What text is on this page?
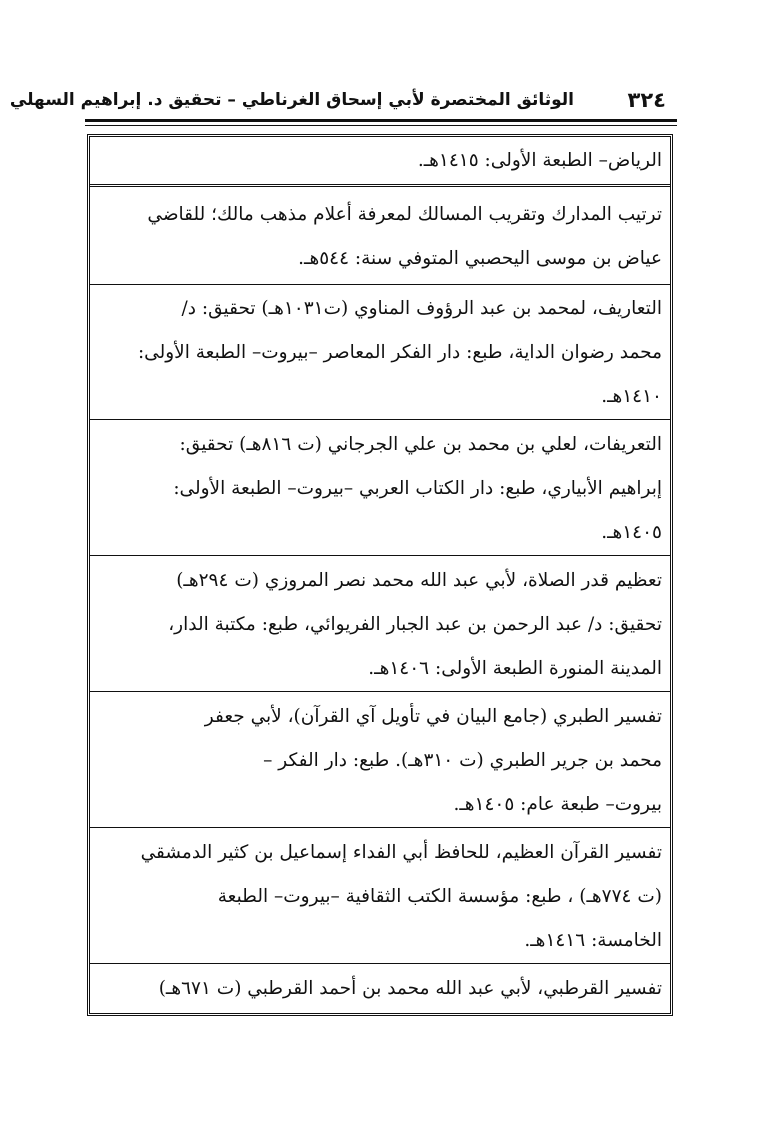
٣٢٤
الوثائق المختصرة لأبي إسحاق الغرناطي – تحقيق د. إبراهيم السهلي
الرياض– الطبعة الأولى: ١٤١٥هـ.
ترتيب المدارك وتقريب المسالك لمعرفة أعلام مذهب مالك؛ للقاضي
عياض بن موسى اليحصبي المتوفي سنة: ٥٤٤هـ.
التعاريف، لمحمد بن عبد الرؤوف المناوي (ت١٠٣١هـ) تحقيق: د/
محمد رضوان الداية، طبع: دار الفكر المعاصر –بيروت– الطبعة الأولى:
١٤١٠هـ.
التعريفات، لعلي بن محمد بن علي الجرجاني (ت ٨١٦هـ) تحقيق:
إبراهيم الأبياري، طبع: دار الكتاب العربي –بيروت– الطبعة الأولى:
١٤٠٥هـ.
تعظيم قدر الصلاة، لأبي عبد الله محمد نصر المروزي (ت ٢٩٤هـ)
تحقيق: د/ عبد الرحمن بن عبد الجبار الفريوائي، طبع: مكتبة الدار،
المدينة المنورة الطبعة الأولى: ١٤٠٦هـ.
تفسير الطبري (جامع البيان في تأويل آي القرآن)، لأبي جعفر
محمد بن جرير الطبري (ت ٣١٠هـ). طبع: دار الفكر –
بيروت– طبعة عام: ١٤٠٥هـ.
تفسير القرآن العظيم، للحافظ أبي الفداء إسماعيل بن كثير الدمشقي
(ت ٧٧٤هـ) ، طبع: مؤسسة الكتب الثقافية –بيروت– الطبعة
الخامسة: ١٤١٦هـ.
تفسير القرطبي، لأبي عبد الله محمد بن أحمد القرطبي (ت ٦٧١هـ)
